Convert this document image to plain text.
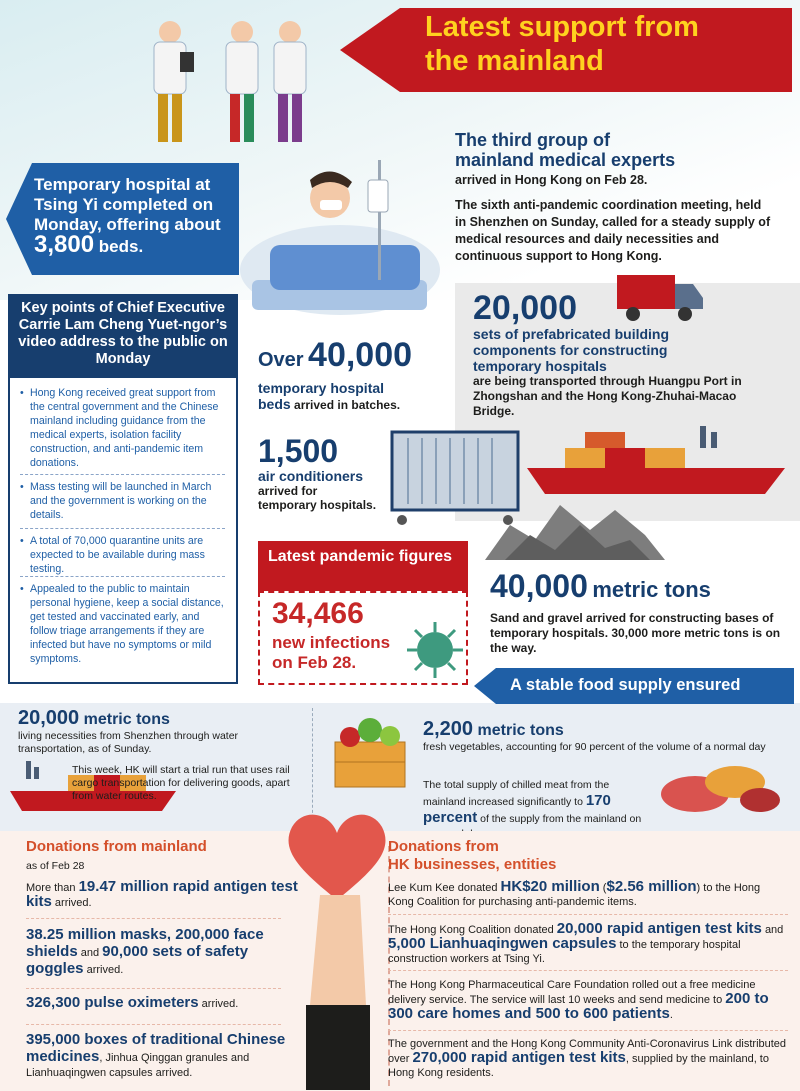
Latest support from
the mainland
Temporary hospital at Tsing Yi completed on Monday, offering about 3,800 beds.
The third group of
mainland medical experts
arrived in Hong Kong on Feb 28.
The sixth anti-pandemic coordination meeting, held in Shenzhen on Sunday, called for a steady supply of medical resources and daily necessities and continuous support to Hong Kong.
Key points of Chief Executive Carrie Lam Cheng Yuet-ngor’s video address to the public on Monday
• Hong Kong received great support from the central government and the Chinese mainland including guidance from the medical experts, isolation facility construction, and anti-pandemic item donations.
• Mass testing will be launched in March and the government is working on the details.
• A total of 70,000 quarantine units are expected to be available during mass testing.
• Appealed to the public to maintain personal hygiene, keep a social distance, get tested and vaccinated early, and follow triage arrangements if they are infected but have no symptoms or mild symptoms.
20,000
sets of prefabricated building components for constructing temporary hospitals
are being transported through Huangpu Port in Zhongshan and the Hong Kong-Zhuhai-Macao Bridge.
Over 40,000
temporary hospital
beds arrived in batches.
1,500
air conditioners
arrived for
temporary hospitals.
Latest pandemic figures
34,466
new infections
on Feb 28.
40,000 metric tons
Sand and gravel arrived for constructing bases of temporary hospitals. 30,000 more metric tons is on the way.
A stable food supply ensured
20,000 metric tons
living necessities from Shenzhen through water transportation, as of Sunday.
This week, HK will start a trial run that uses rail cargo transportation for delivering goods, apart from water routes.
2,200 metric tons
fresh vegetables, accounting for 90 percent of the volume of a normal day
The total supply of chilled meat from the mainland increased significantly to 170 percent of the supply from the mainland on
Donations from mainland
as of Feb 28
More than 19.47 million rapid antigen test kits arrived.
38.25 million masks, 200,000 face shields and 90,000 sets of safety goggles arrived.
326,300 pulse oximeters arrived.
395,000 boxes of traditional Chinese medicines, Jinhua Qinggan granules and Lianhuaqingwen capsules arrived.
Donations from
HK businesses, entities
Lee Kum Kee donated HK$20 million ($2.56 million) to the Hong Kong Coalition for purchasing anti-pandemic items.
The Hong Kong Coalition donated 20,000 rapid antigen test kits and 5,000 Lianhuaqingwen capsules to the temporary hospital construction workers at Tsing Yi.
The Hong Kong Pharmaceutical Care Foundation rolled out a free medicine delivery service. The service will last 10 weeks and send medicine to 200 to 300 care homes and 500 to 600 patients.
The government and the Hong Kong Community Anti-Coronavirus Link distributed over 270,000 rapid antigen test kits, supplied by the mainland, to Hong Kong residents.
